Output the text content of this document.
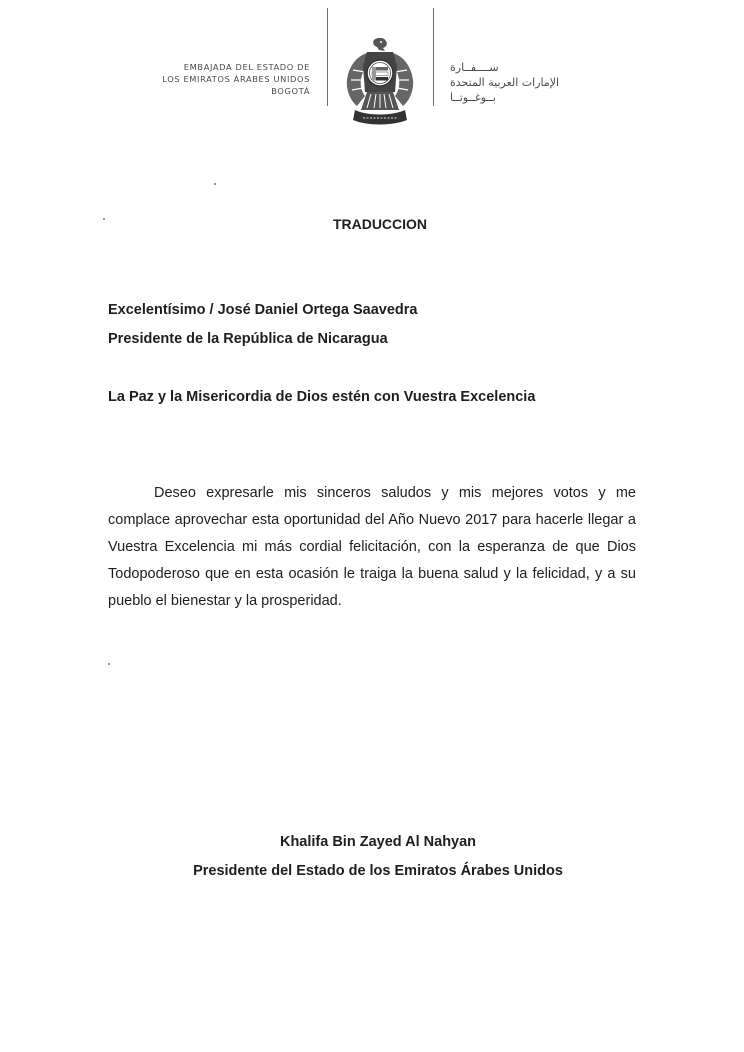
EMBAJADA DEL ESTADO DE
LOS EMIRATOS ÁRABES UNIDOS
BOGOTÁ
ســــفــارة
الإمارات العربية المتحدة
بــوغــوتــا
TRADUCCION
Excelentísimo / José Daniel Ortega Saavedra
Presidente de la República de Nicaragua
La Paz y la Misericordia de Dios estén con Vuestra Excelencia
Deseo expresarle mis sinceros saludos y mis mejores votos y me complace aprovechar esta oportunidad del Año Nuevo 2017 para hacerle llegar a Vuestra Excelencia mi más cordial felicitación, con la esperanza de que Dios Todopoderoso que en esta ocasión le traiga la buena salud y la felicidad, y a su pueblo el bienestar y la prosperidad.
Khalifa Bin Zayed Al Nahyan
Presidente del Estado de los Emiratos Árabes Unidos
